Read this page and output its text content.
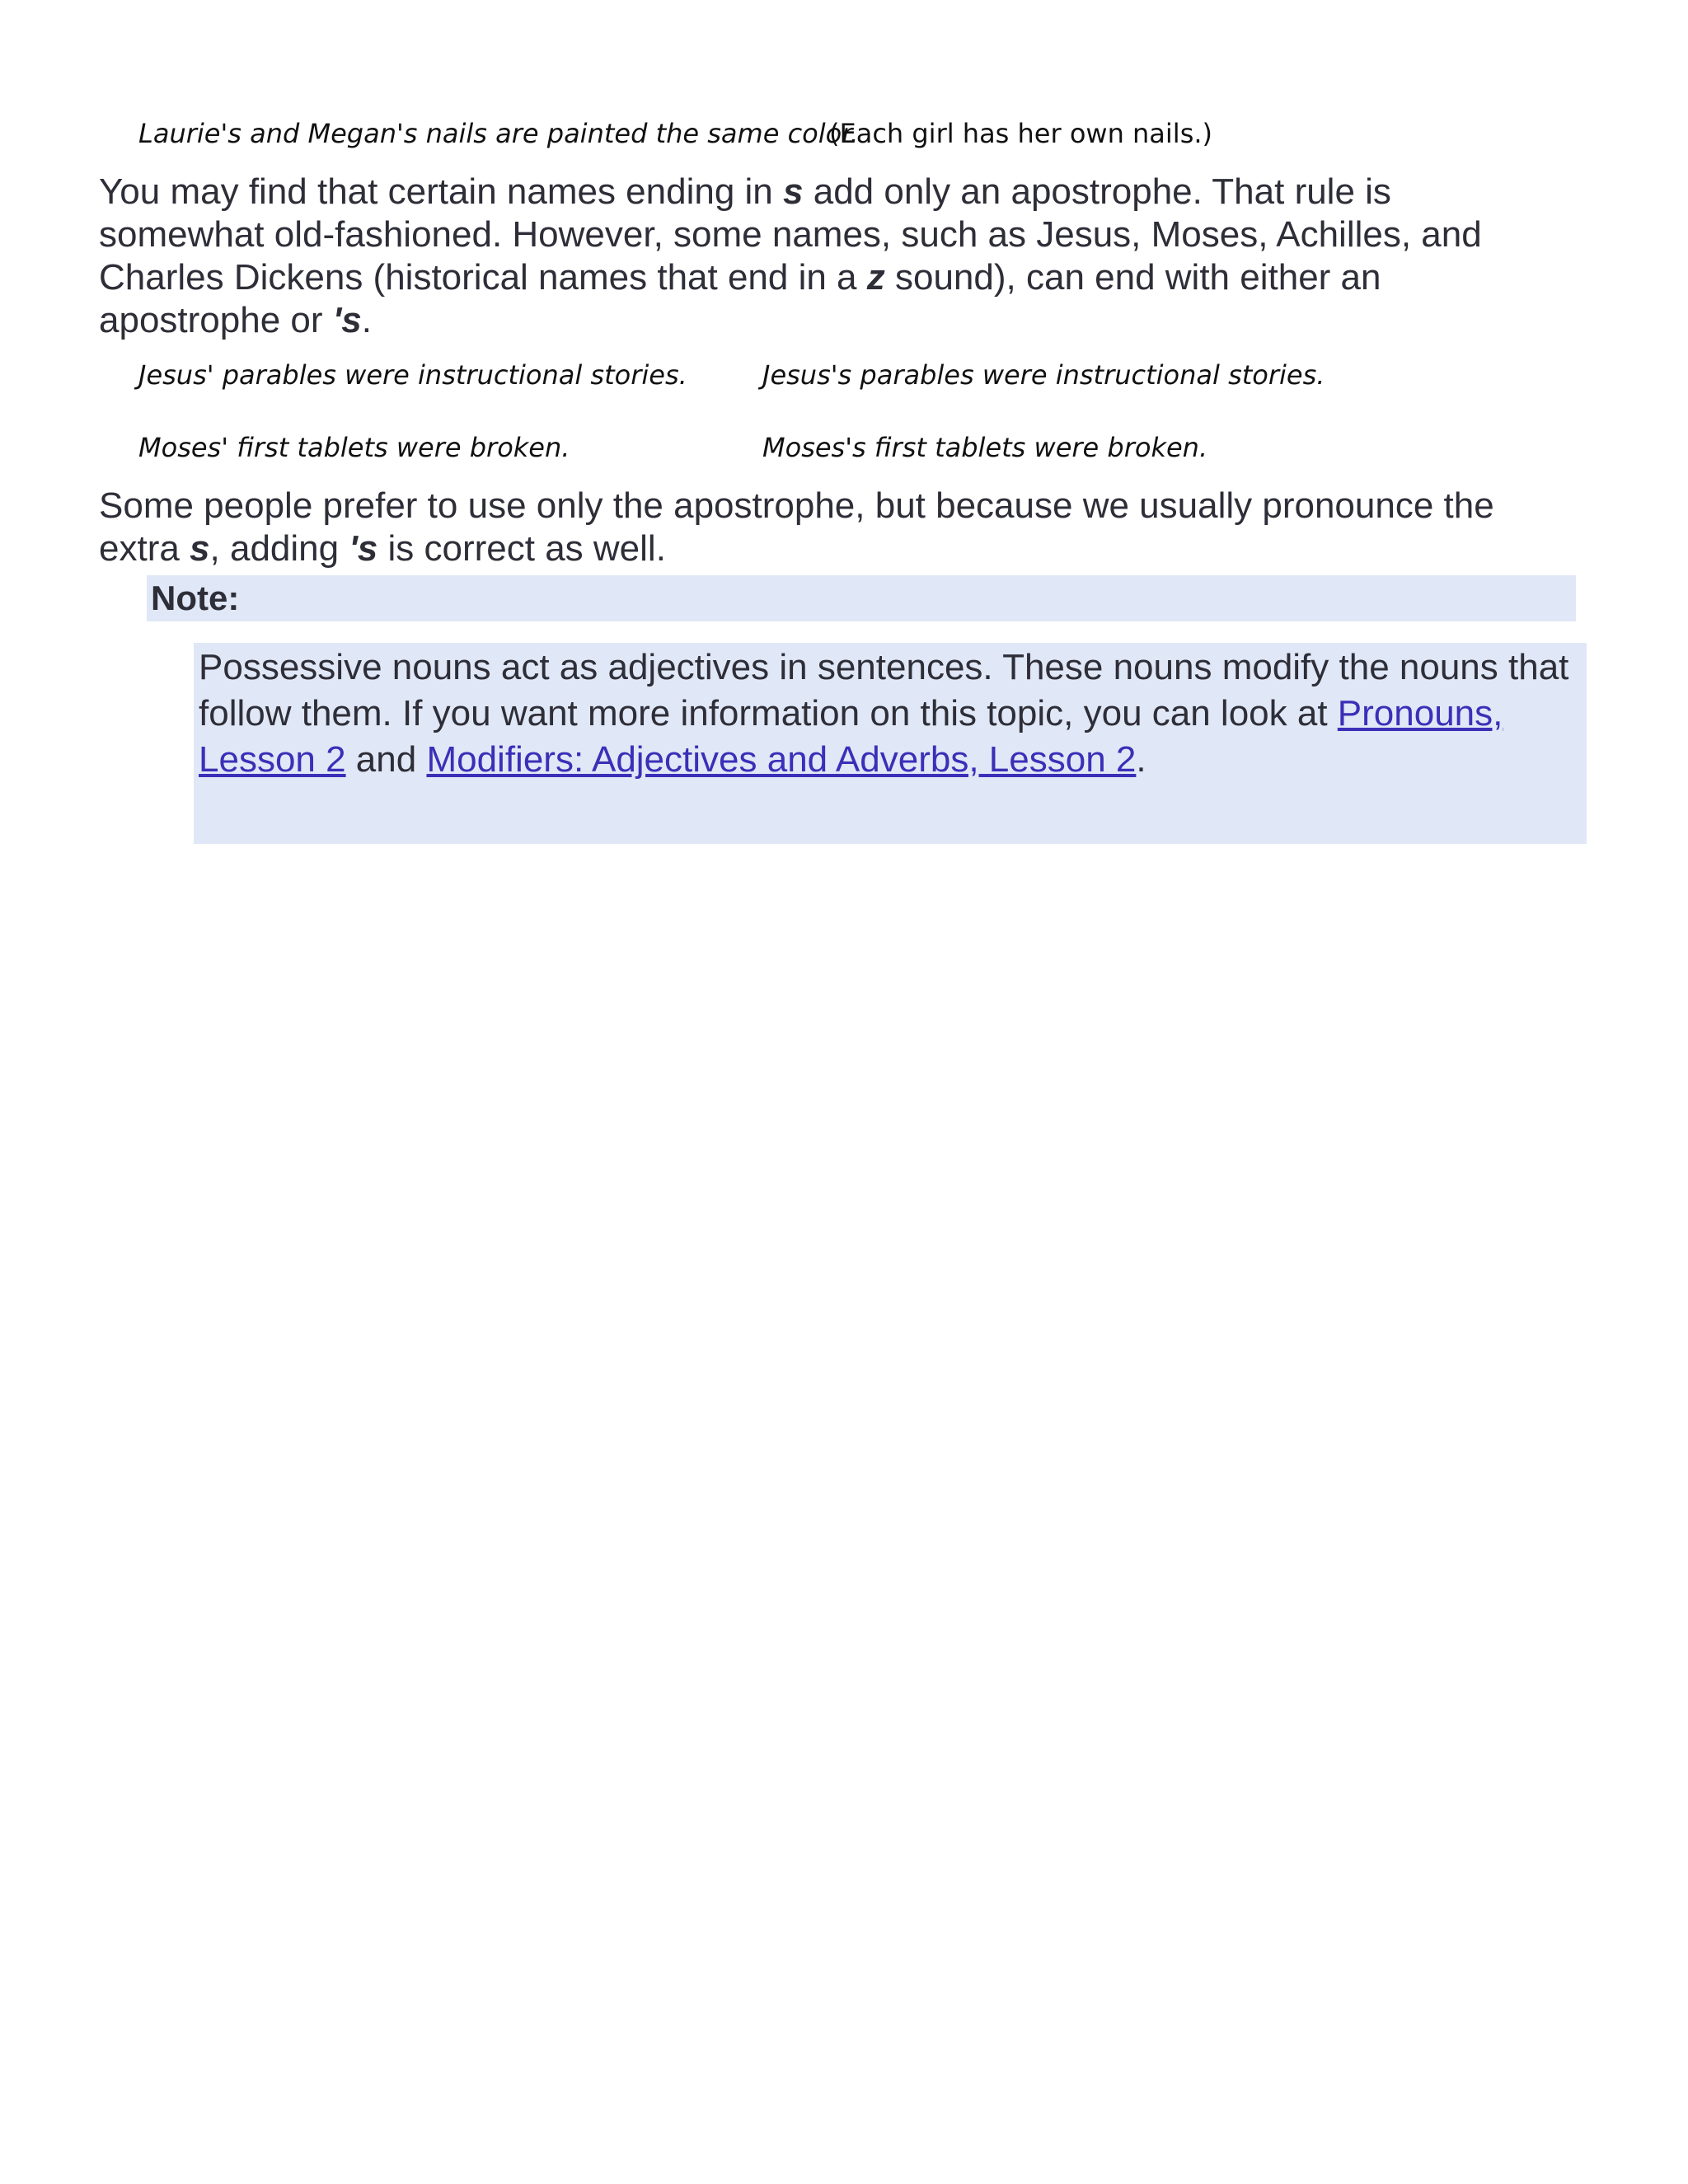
Laurie's and Megan's nails are painted the same color.
(Each girl has her own nails.)
You may find that certain names ending in s add only an apostrophe. That rule is somewhat old-fashioned. However, some names, such as Jesus, Moses, Achilles, and Charles Dickens (historical names that end in a z sound), can end with either an apostrophe or 's.
Jesus' parables were instructional stories.	Jesus's parables were instructional stories.
Moses' first tablets were broken.	Moses's first tablets were broken.
Some people prefer to use only the apostrophe, but because we usually pronounce the extra s, adding 's is correct as well.
Note:
Possessive nouns act as adjectives in sentences. These nouns modify the nouns that follow them. If you want more information on this topic, you can look at Pronouns, Lesson 2 and Modifiers: Adjectives and Adverbs, Lesson 2.
